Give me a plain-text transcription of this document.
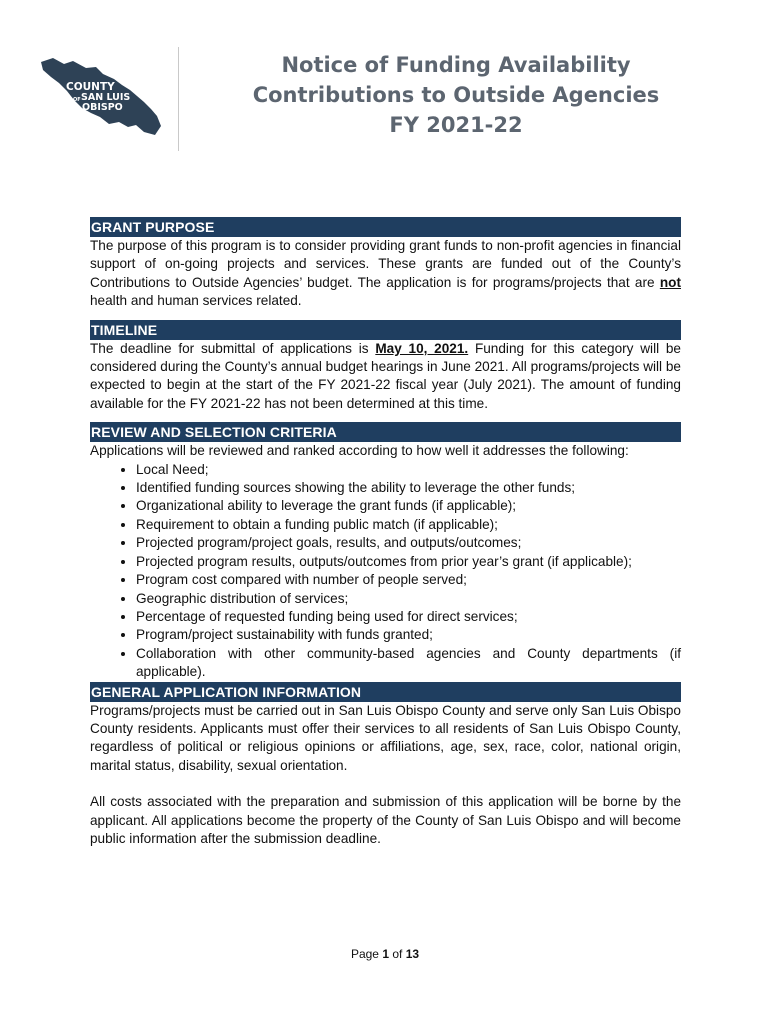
COUNTY
OF SAN LUIS
OBISPO
Notice of Funding Availability
Contributions to Outside Agencies
FY 2021-22
GRANT PURPOSE

The purpose of this program is to consider providing grant funds to non-profit agencies in financial support of on-going projects and services. These grants are funded out of the County’s Contributions to Outside Agencies’ budget. The application is for programs/projects that are not health and human services related.

TIMELINE

The deadline for submittal of applications is May 10, 2021. Funding for this category will be considered during the County’s annual budget hearings in June 2021. All programs/projects will be expected to begin at the start of the FY 2021-22 fiscal year (July 2021). The amount of funding available for the FY 2021-22 has not been determined at this time.

REVIEW AND SELECTION CRITERIA

Applications will be reviewed and ranked according to how well it addresses the following:

• Local Need;
• Identified funding sources showing the ability to leverage the other funds;
• Organizational ability to leverage the grant funds (if applicable);
• Requirement to obtain a funding public match (if applicable);
• Projected program/project goals, results, and outputs/outcomes;
• Projected program results, outputs/outcomes from prior year’s grant (if applicable);
• Program cost compared with number of people served;
• Geographic distribution of services;
• Percentage of requested funding being used for direct services;
• Program/project sustainability with funds granted;
• Collaboration with other community-based agencies and County departments (if applicable).
GENERAL APPLICATION INFORMATION

Programs/projects must be carried out in San Luis Obispo County and serve only San Luis Obispo County residents. Applicants must offer their services to all residents of San Luis Obispo County, regardless of political or religious opinions or affiliations, age, sex, race, color, national origin, marital status, disability, sexual orientation.

All costs associated with the preparation and submission of this application will be borne by the applicant. All applications become the property of the County of San Luis Obispo and will become public information after the submission deadline.

Page 1 of 13
